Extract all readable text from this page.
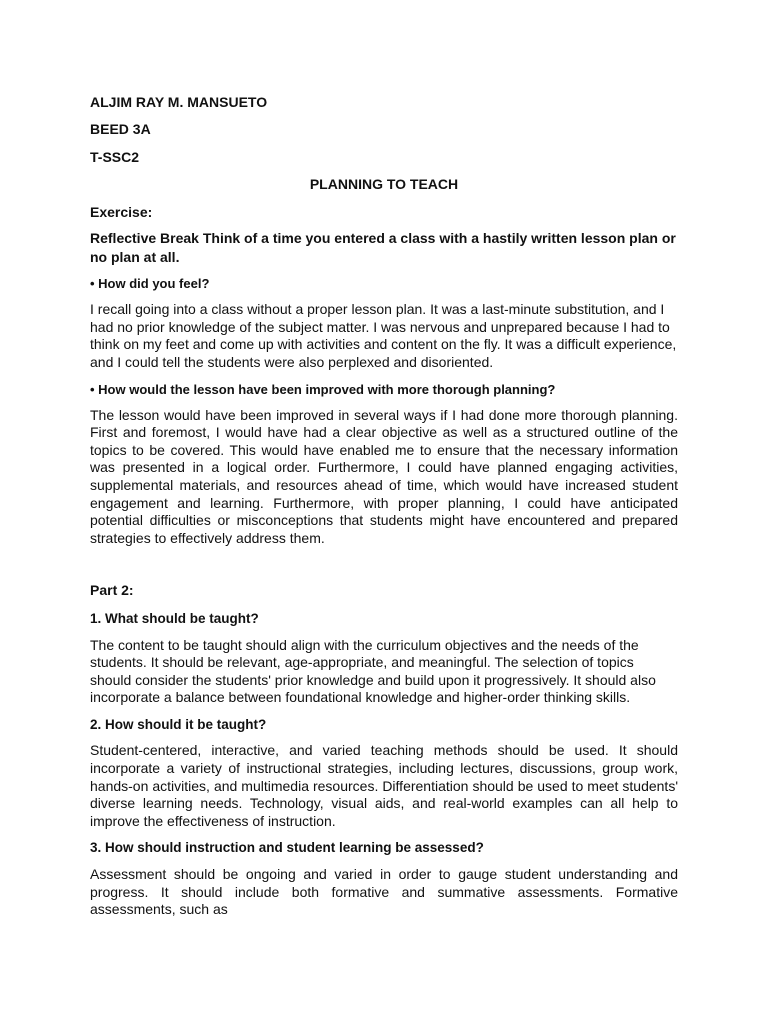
ALJIM RAY M. MANSUETO

BEED 3A

T-SSC2

PLANNING TO TEACH

Exercise:

Reflective Break Think of a time you entered a class with a hastily written lesson plan or no plan at all.

• How did you feel?

I recall going into a class without a proper lesson plan. It was a last-minute substitution, and I had no prior knowledge of the subject matter. I was nervous and unprepared because I had to think on my feet and come up with activities and content on the fly. It was a difficult experience, and I could tell the students were also perplexed and disoriented.

• How would the lesson have been improved with more thorough planning?

The lesson would have been improved in several ways if I had done more thorough planning. First and foremost, I would have had a clear objective as well as a structured outline of the topics to be covered. This would have enabled me to ensure that the necessary information was presented in a logical order. Furthermore, I could have planned engaging activities, supplemental materials, and resources ahead of time, which would have increased student engagement and learning. Furthermore, with proper planning, I could have anticipated potential difficulties or misconceptions that students might have encountered and prepared strategies to effectively address them.

Part 2:

1. What should be taught?

The content to be taught should align with the curriculum objectives and the needs of the students. It should be relevant, age-appropriate, and meaningful. The selection of topics should consider the students' prior knowledge and build upon it progressively. It should also incorporate a balance between foundational knowledge and higher-order thinking skills.

2. How should it be taught?

Student-centered, interactive, and varied teaching methods should be used. It should incorporate a variety of instructional strategies, including lectures, discussions, group work, hands-on activities, and multimedia resources. Differentiation should be used to meet students' diverse learning needs. Technology, visual aids, and real-world examples can all help to improve the effectiveness of instruction.

3. How should instruction and student learning be assessed?

Assessment should be ongoing and varied in order to gauge student understanding and progress. It should include both formative and summative assessments. Formative assessments, such as
